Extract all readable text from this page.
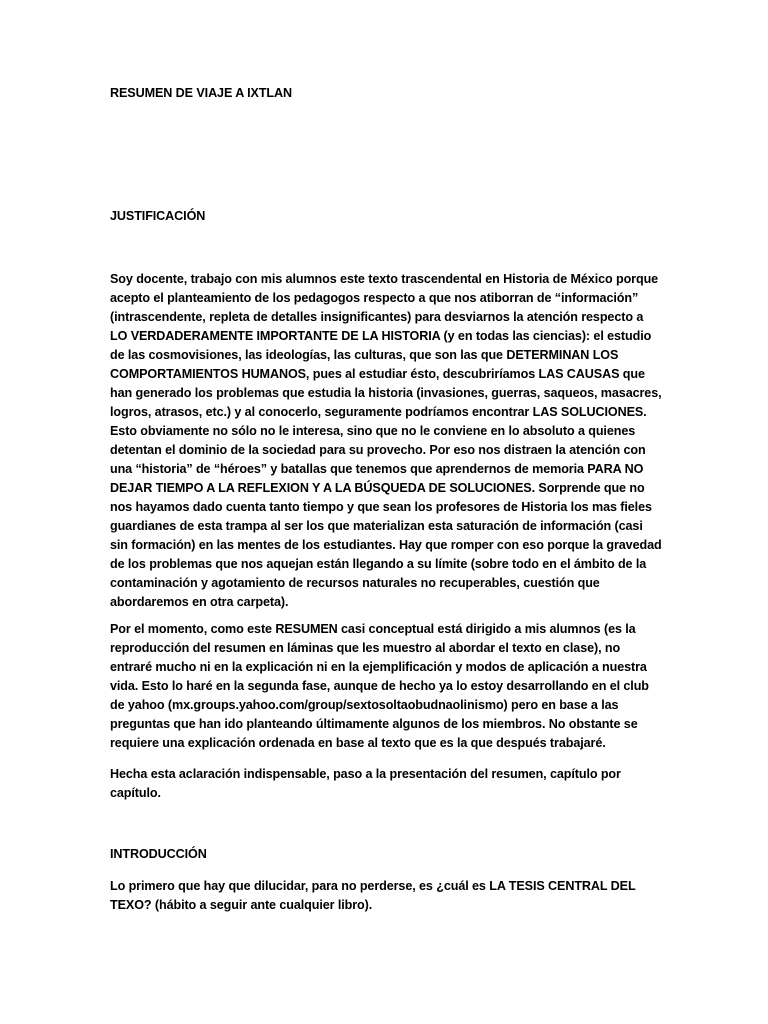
RESUMEN DE VIAJE A IXTLAN

JUSTIFICACIÓN

Soy docente, trabajo con mis alumnos este texto trascendental en Historia de México porque acepto el planteamiento de los pedagogos respecto a que nos atiborran de “información” (intrascendente, repleta de detalles insignificantes) para desviarnos la atención respecto a LO VERDADERAMENTE IMPORTANTE DE LA HISTORIA (y en todas las ciencias): el estudio de las cosmovisiones, las ideologías, las culturas, que son las que DETERMINAN LOS COMPORTAMIENTOS HUMANOS, pues al estudiar ésto, descubriríamos LAS CAUSAS que han generado los problemas que estudia la historia (invasiones, guerras, saqueos, masacres, logros, atrasos, etc.) y al conocerlo, seguramente podríamos encontrar LAS SOLUCIONES. Esto obviamente no sólo no le interesa, sino que no le conviene en lo absoluto a quienes detentan el dominio de la sociedad para su provecho. Por eso nos distraen la atención con una “historia” de “héroes” y batallas que tenemos que aprendernos de memoria PARA NO DEJAR TIEMPO A LA REFLEXION Y A LA BÚSQUEDA DE SOLUCIONES. Sorprende que no nos hayamos dado cuenta tanto tiempo y que sean los profesores de Historia los mas fieles guardianes de esta trampa al ser los que materializan esta saturación de información (casi sin formación) en las mentes de los estudiantes. Hay que romper con eso porque la gravedad de los problemas que nos aquejan están llegando a su límite (sobre todo en el ámbito de la contaminación y agotamiento de recursos naturales no recuperables, cuestión que abordaremos en otra carpeta).

Por el momento, como este RESUMEN casi conceptual está dirigido a mis alumnos (es la reproducción del resumen en láminas que les muestro al abordar el texto en clase), no entraré mucho ni en la explicación ni en la ejemplificación y modos de aplicación a nuestra vida. Esto lo haré en la segunda fase, aunque de hecho ya lo estoy desarrollando en el club de yahoo (mx.groups.yahoo.com/group/sextosoltaobudnaolinismo) pero en base a las preguntas que han ido planteando últimamente algunos de los miembros. No obstante se requiere una explicación ordenada en base al texto que es la que después trabajaré.

Hecha esta aclaración indispensable, paso a la presentación del resumen, capítulo por capítulo.

INTRODUCCIÓN

Lo primero que hay que dilucidar, para no perderse, es ¿cuál es LA TESIS CENTRAL DEL TEXO? (hábito a seguir ante cualquier libro).
